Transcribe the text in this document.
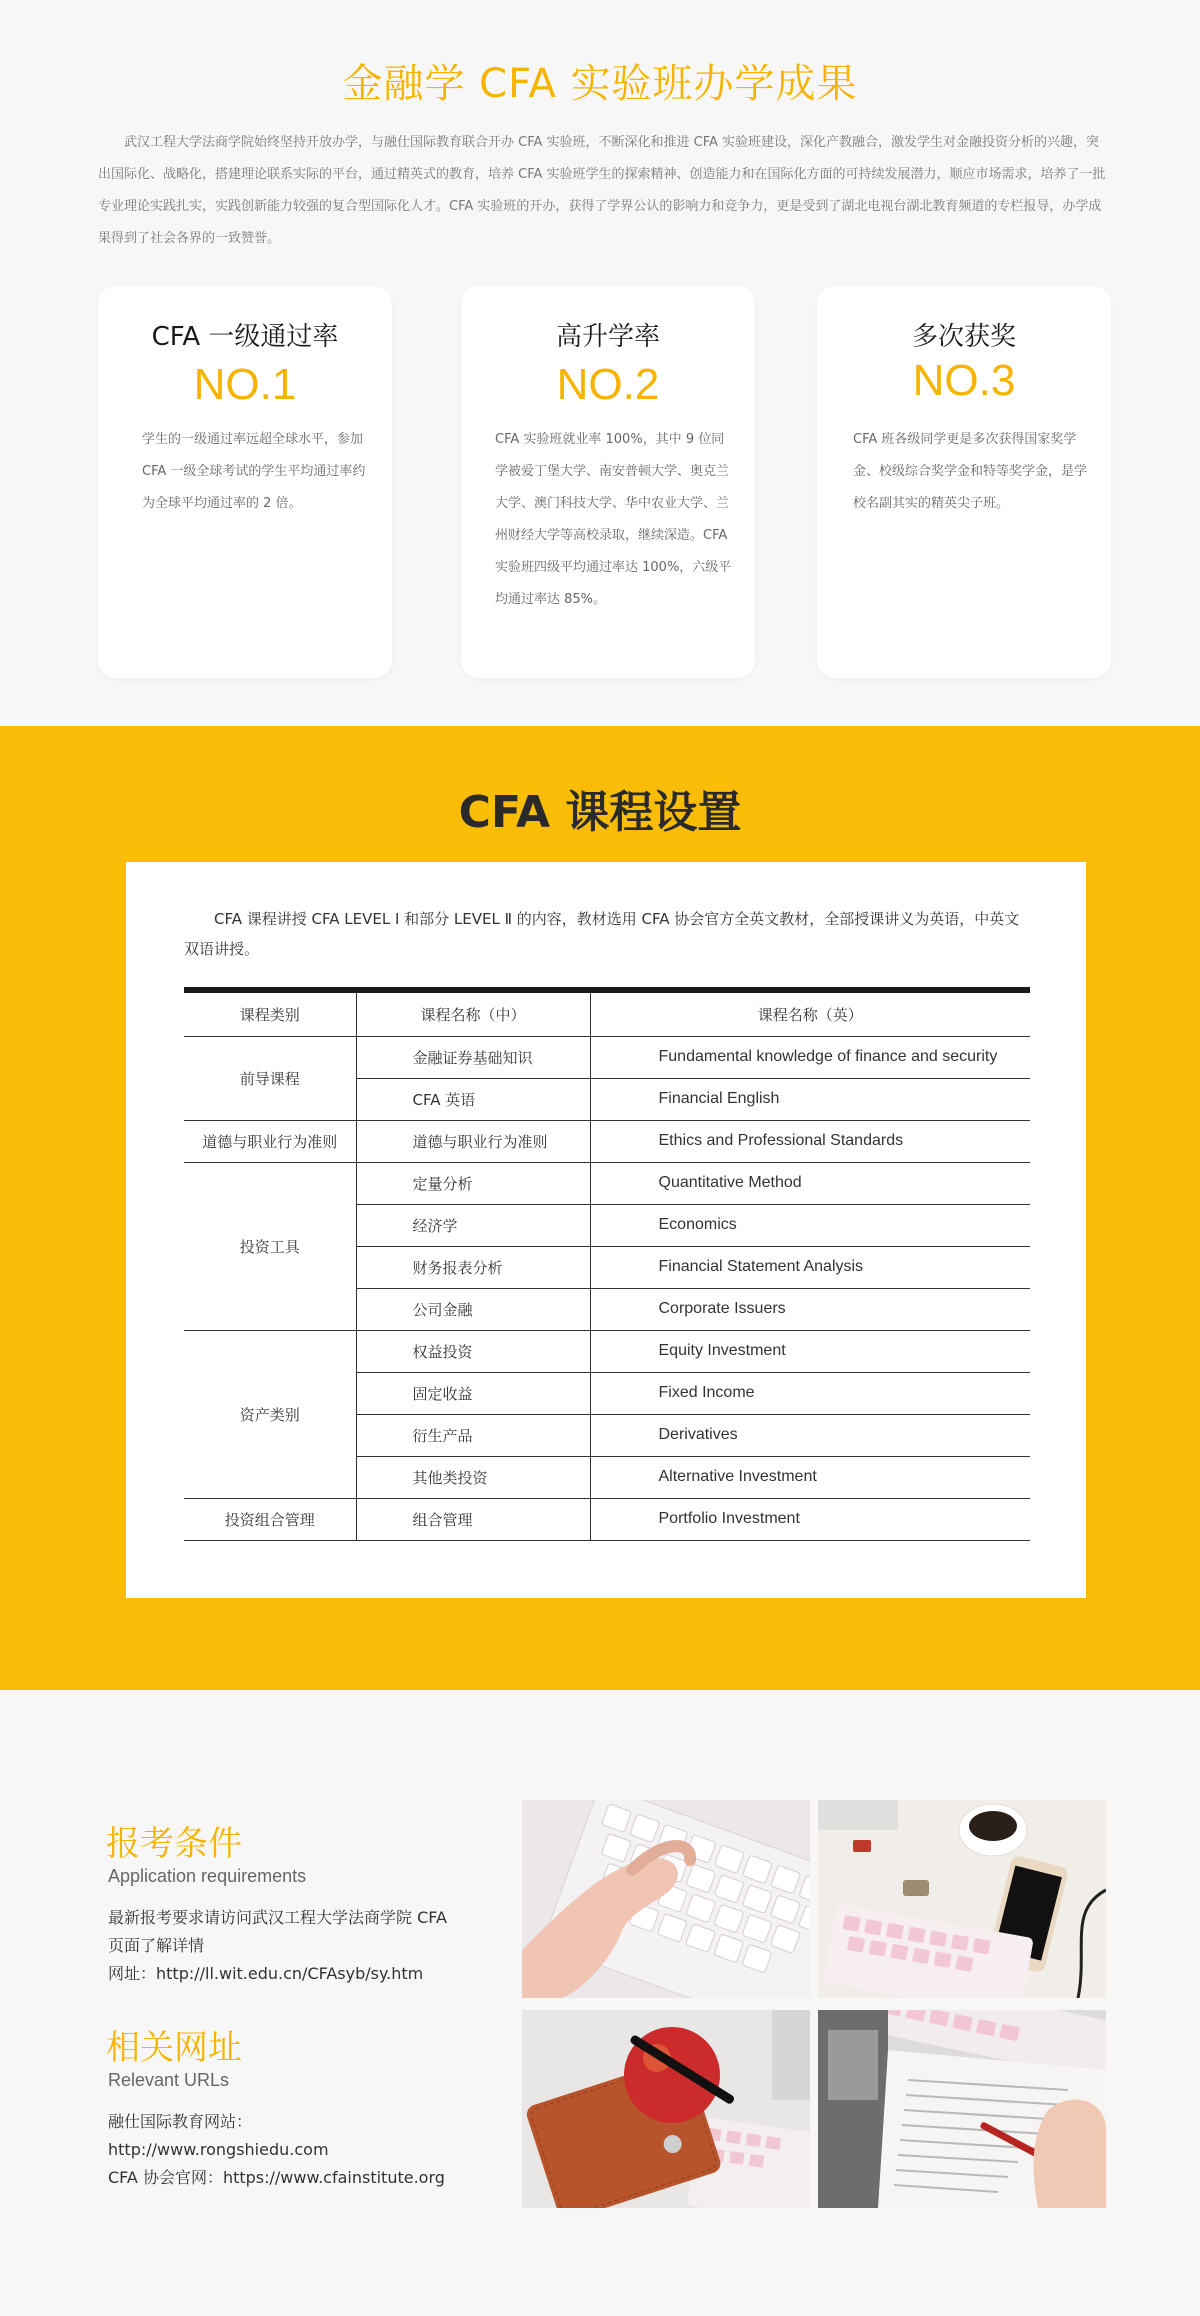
金融学 CFA 实验班办学成果

武汉工程大学法商学院始终坚持开放办学，与融仕国际教育联合开办 CFA 实验班，不断深化和推进 CFA 实验班建设，深化产教融合，激发学生对金融投资分析的兴趣，突出国际化、战略化，搭建理论联系实际的平台，通过精英式的教育，培养 CFA 实验班学生的探索精神、创造能力和在国际化方面的可持续发展潜力，顺应市场需求，培养了一批专业理论实践扎实，实践创新能力较强的复合型国际化人才。CFA 实验班的开办，获得了学界公认的影响力和竞争力，更是受到了湖北电视台湖北教育频道的专栏报导，办学成果得到了社会各界的一致赞誉。

CFA 一级通过率
NO.1

学生的一级通过率远超全球水平，参加 CFA 一级全球考试的学生平均通过率约为全球平均通过率的 2 倍。

高升学率
NO.2

CFA 实验班就业率 100%，其中 9 位同学被爱丁堡大学、南安普顿大学、奥克兰大学、澳门科技大学、华中农业大学、兰州财经大学等高校录取，继续深造。CFA 实验班四级平均通过率达 100%，六级平均通过率达 85%。

多次获奖
NO.3

CFA 班各级同学更是多次获得国家奖学金、校级综合奖学金和特等奖学金，是学校名副其实的精英尖子班。

CFA 课程设置

CFA 课程讲授 CFA LEVEL Ⅰ 和部分 LEVEL Ⅱ 的内容，教材选用 CFA 协会官方全英文教材，全部授课讲义为英语，中英文双语讲授。

课程类别	课程名称（中）	课程名称（英）
前导课程	金融证券基础知识	Fundamental knowledge of finance and security
	CFA 英语	Financial English
道德与职业行为准则	道德与职业行为准则	Ethics and Professional Standards
投资工具	定量分析	Quantitative Method
	经济学	Economics
	财务报表分析	Financial Statement Analysis
	公司金融	Corporate Issuers
资产类别	权益投资	Equity Investment
	固定收益	Fixed Income
	衍生产品	Derivatives
	其他类投资	Alternative Investment
投资组合管理	组合管理	Portfolio Investment
报考条件
Application requirements
最新报考要求请访问武汉工程大学法商学院 CFA
页面了解详情
网址：http://ll.wit.edu.cn/CFAsyb/sy.htm
相关网址
Relevant URLs
融仕国际教育网站：
http://www.rongshiedu.com
CFA 协会官网：https://www.cfainstitute.org
